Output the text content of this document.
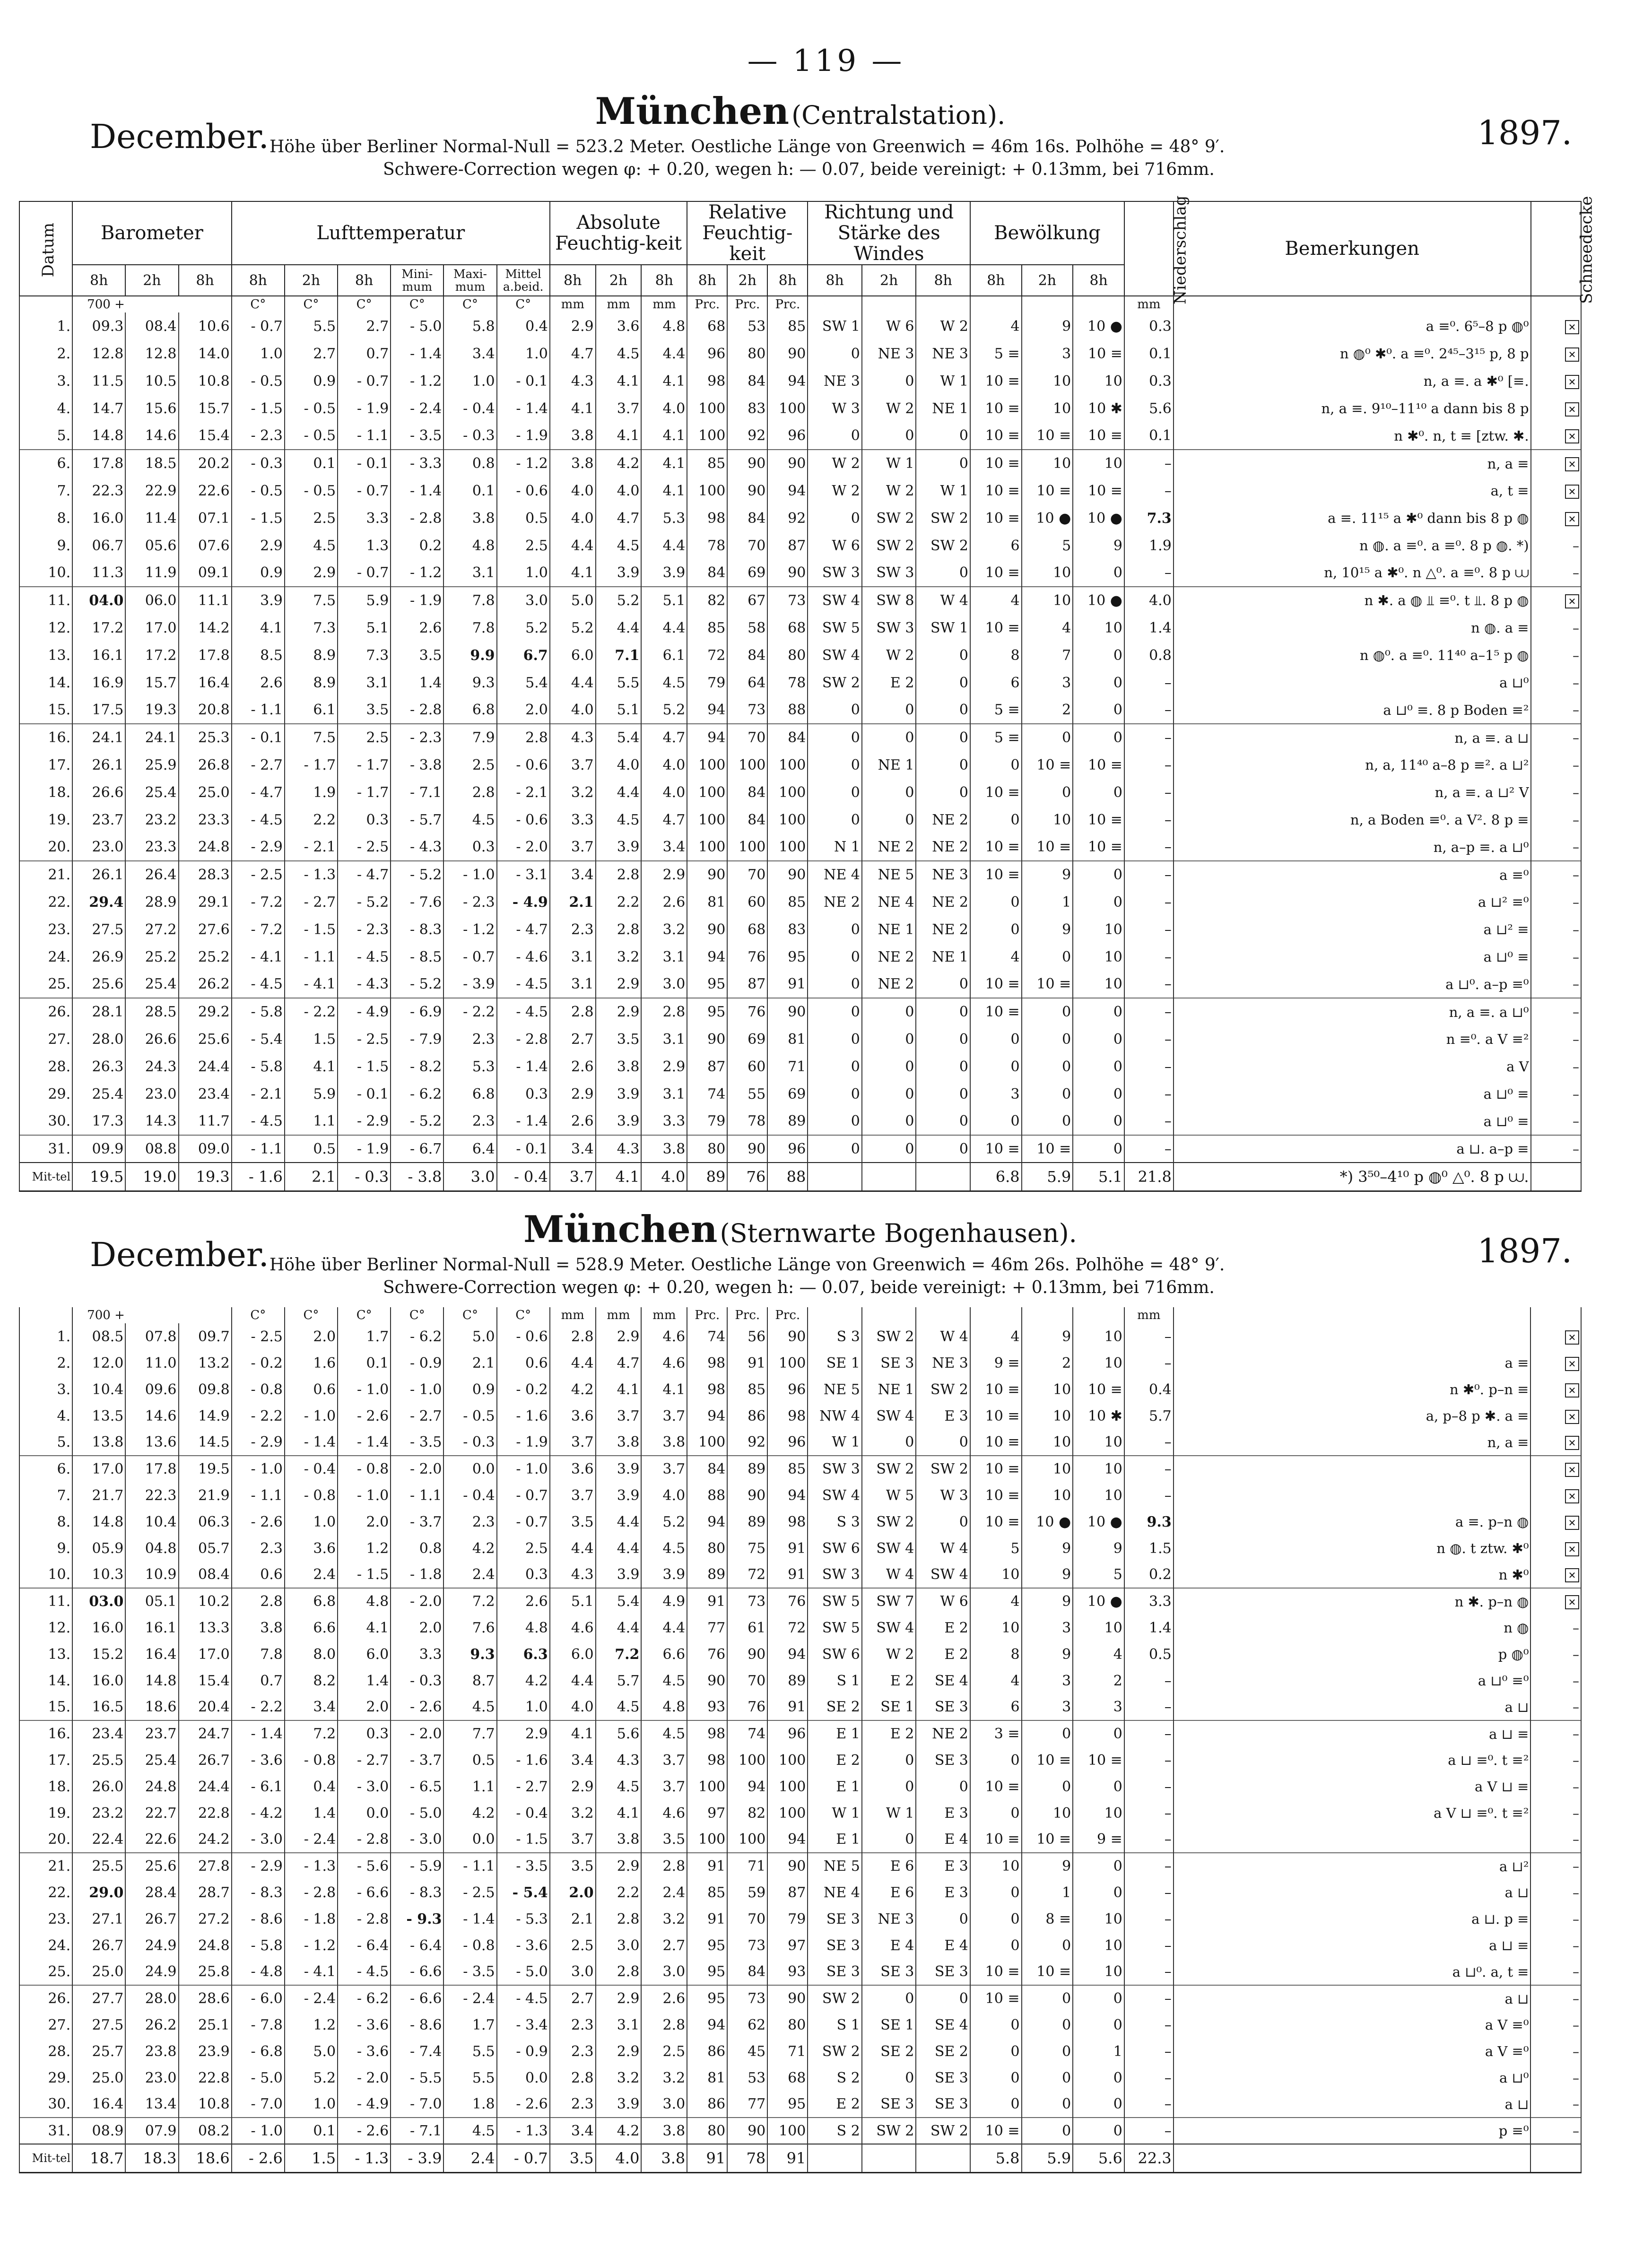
— 119 —
München (Centralstation).
December.	1897.
Höhe über Berliner Normal-Null = 523.2 Meter. Oestliche Länge von Greenwich = 46m 16s. Polhöhe = 48° 9′.
Schwere-Correction wegen φ: + 0.20, wegen h: — 0.07, beide vereinigt: + 0.13mm, bei 716mm.
Datum	Barometer			Lufttemperatur						Absolute Feuchtig-keit			Relative Feuchtig-keit			Richtung und Stärke des Windes			Bewölkung			Niederschlag	Bemerkungen	Schneedecke
	8h	2h	8h	8h	2h	8h	Mini-mum	Maxi-mum	Mittel a.beid.	8h	2h	8h	8h	2h	8h	8h	2h	8h	8h	2h	8h			
	700 +			C°	C°	C°	C°	C°	C°	mm	mm	mm	Prc.	Prc.	Prc.							mm		
1.	09.3	08.4	10.6	- 0.7	5.5	2.7	- 5.0	5.8	0.4	2.9	3.6	4.8	68	53	85	SW 1	W 6	W 2	4	9	10 ●	0.3	a ≡⁰. 6⁵–8 p ◍⁰	✕
2.	12.8	12.8	14.0	1.0	2.7	0.7	- 1.4	3.4	1.0	4.7	4.5	4.4	96	80	90	0	NE 3	NE 3	5 ≡	3	10 ≡	0.1	n ◍⁰ ✱⁰. a ≡⁰. 2⁴⁵–3¹⁵ p, 8 p	✕
3.	11.5	10.5	10.8	- 0.5	0.9	- 0.7	- 1.2	1.0	- 0.1	4.3	4.1	4.1	98	84	94	NE 3	0	W 1	10 ≡	10	10	0.3	n, a ≡. a ✱⁰ [≡.	✕
4.	14.7	15.6	15.7	- 1.5	- 0.5	- 1.9	- 2.4	- 0.4	- 1.4	4.1	3.7	4.0	100	83	100	W 3	W 2	NE 1	10 ≡	10	10 ✱	5.6	n, a ≡. 9¹⁰–11¹⁰ a dann bis 8 p	✕
5.	14.8	14.6	15.4	- 2.3	- 0.5	- 1.1	- 3.5	- 0.3	- 1.9	3.8	4.1	4.1	100	92	96	0	0	0	10 ≡	10 ≡	10 ≡	0.1	n ✱⁰. n, t ≡ [ztw. ✱.	✕
6.	17.8	18.5	20.2	- 0.3	0.1	- 0.1	- 3.3	0.8	- 1.2	3.8	4.2	4.1	85	90	90	W 2	W 1	0	10 ≡	10	10	–	n, a ≡	✕
7.	22.3	22.9	22.6	- 0.5	- 0.5	- 0.7	- 1.4	0.1	- 0.6	4.0	4.0	4.1	100	90	94	W 2	W 2	W 1	10 ≡	10 ≡	10 ≡	–	a, t ≡	✕
8.	16.0	11.4	07.1	- 1.5	2.5	3.3	- 2.8	3.8	0.5	4.0	4.7	5.3	98	84	92	0	SW 2	SW 2	10 ≡	10 ●	10 ●	7.3	a ≡. 11¹⁵ a ✱⁰ dann bis 8 p ◍	✕
9.	06.7	05.6	07.6	2.9	4.5	1.3	0.2	4.8	2.5	4.4	4.5	4.4	78	70	87	W 6	SW 2	SW 2	6	5	9	1.9	n ◍. a ≡⁰. a ≡⁰. 8 p ◍. *)	–
10.	11.3	11.9	09.1	0.9	2.9	- 0.7	- 1.2	3.1	1.0	4.1	3.9	3.9	84	69	90	SW 3	SW 3	0	10 ≡	10	0	–	n, 10¹⁵ a ✱⁰. n △⁰. a ≡⁰. 8 p ⩊	–
11.	04.0	06.0	11.1	3.9	7.5	5.9	- 1.9	7.8	3.0	5.0	5.2	5.1	82	67	73	SW 4	SW 8	W 4	4	10	10 ●	4.0	n ✱. a ◍ ⫫ ≡⁰. t ⫫. 8 p ◍	✕
12.	17.2	17.0	14.2	4.1	7.3	5.1	2.6	7.8	5.2	5.2	4.4	4.4	85	58	68	SW 5	SW 3	SW 1	10 ≡	4	10	1.4	n ◍. a ≡	–
13.	16.1	17.2	17.8	8.5	8.9	7.3	3.5	9.9	6.7	6.0	7.1	6.1	72	84	80	SW 4	W 2	0	8	7	0	0.8	n ◍⁰. a ≡⁰. 11⁴⁰ a–1⁵ p ◍	–
14.	16.9	15.7	16.4	2.6	8.9	3.1	1.4	9.3	5.4	4.4	5.5	4.5	79	64	78	SW 2	E 2	0	6	3	0	–	a ⊔⁰	–
15.	17.5	19.3	20.8	- 1.1	6.1	3.5	- 2.8	6.8	2.0	4.0	5.1	5.2	94	73	88	0	0	0	5 ≡	2	0	–	a ⊔⁰ ≡. 8 p Boden ≡²	–
16.	24.1	24.1	25.3	- 0.1	7.5	2.5	- 2.3	7.9	2.8	4.3	5.4	4.7	94	70	84	0	0	0	5 ≡	0	0	–	n, a ≡. a ⊔	–
17.	26.1	25.9	26.8	- 2.7	- 1.7	- 1.7	- 3.8	2.5	- 0.6	3.7	4.0	4.0	100	100	100	0	NE 1	0	0	10 ≡	10 ≡	–	n, a, 11⁴⁰ a–8 p ≡². a ⊔²	–
18.	26.6	25.4	25.0	- 4.7	1.9	- 1.7	- 7.1	2.8	- 2.1	3.2	4.4	4.0	100	84	100	0	0	0	10 ≡	0	0	–	n, a ≡. a ⊔² V	–
19.	23.7	23.2	23.3	- 4.5	2.2	0.3	- 5.7	4.5	- 0.6	3.3	4.5	4.7	100	84	100	0	0	NE 2	0	10	10 ≡	–	n, a Boden ≡⁰. a V². 8 p ≡	–
20.	23.0	23.3	24.8	- 2.9	- 2.1	- 2.5	- 4.3	0.3	- 2.0	3.7	3.9	3.4	100	100	100	N 1	NE 2	NE 2	10 ≡	10 ≡	10 ≡	–	n, a–p ≡. a ⊔⁰	–
21.	26.1	26.4	28.3	- 2.5	- 1.3	- 4.7	- 5.2	- 1.0	- 3.1	3.4	2.8	2.9	90	70	90	NE 4	NE 5	NE 3	10 ≡	9	0	–	a ≡⁰	–
22.	29.4	28.9	29.1	- 7.2	- 2.7	- 5.2	- 7.6	- 2.3	- 4.9	2.1	2.2	2.6	81	60	85	NE 2	NE 4	NE 2	0	1	0	–	a ⊔² ≡⁰	–
23.	27.5	27.2	27.6	- 7.2	- 1.5	- 2.3	- 8.3	- 1.2	- 4.7	2.3	2.8	3.2	90	68	83	0	NE 1	NE 2	0	9	10	–	a ⊔² ≡	–
24.	26.9	25.2	25.2	- 4.1	- 1.1	- 4.5	- 8.5	- 0.7	- 4.6	3.1	3.2	3.1	94	76	95	0	NE 2	NE 1	4	0	10	–	a ⊔⁰ ≡	–
25.	25.6	25.4	26.2	- 4.5	- 4.1	- 4.3	- 5.2	- 3.9	- 4.5	3.1	2.9	3.0	95	87	91	0	NE 2	0	10 ≡	10 ≡	10	–	a ⊔⁰. a–p ≡⁰	–
26.	28.1	28.5	29.2	- 5.8	- 2.2	- 4.9	- 6.9	- 2.2	- 4.5	2.8	2.9	2.8	95	76	90	0	0	0	10 ≡	0	0	–	n, a ≡. a ⊔⁰	–
27.	28.0	26.6	25.6	- 5.4	1.5	- 2.5	- 7.9	2.3	- 2.8	2.7	3.5	3.1	90	69	81	0	0	0	0	0	0	–	n ≡⁰. a V ≡²	–
28.	26.3	24.3	24.4	- 5.8	4.1	- 1.5	- 8.2	5.3	- 1.4	2.6	3.8	2.9	87	60	71	0	0	0	0	0	0	–	a V	–
29.	25.4	23.0	23.4	- 2.1	5.9	- 0.1	- 6.2	6.8	0.3	2.9	3.9	3.1	74	55	69	0	0	0	3	0	0	–	a ⊔⁰ ≡	–
30.	17.3	14.3	11.7	- 4.5	1.1	- 2.9	- 5.2	2.3	- 1.4	2.6	3.9	3.3	79	78	89	0	0	0	0	0	0	–	a ⊔⁰ ≡	–
31.	09.9	08.8	09.0	- 1.1	0.5	- 1.9	- 6.7	6.4	- 0.1	3.4	4.3	3.8	80	90	96	0	0	0	10 ≡	10 ≡	0	–	a ⊔. a–p ≡	–
Mit-tel	19.5	19.0	19.3	- 1.6	2.1	- 0.3	- 3.8	3.0	- 0.4	3.7	4.1	4.0	89	76	88				6.8	5.9	5.1	21.8	*) 3⁵⁰–4¹⁰ p ◍⁰ △⁰. 8 p ⩊.	
München (Sternwarte Bogenhausen).
December.	1897.
Höhe über Berliner Normal-Null = 528.9 Meter. Oestliche Länge von Greenwich = 46m 26s. Polhöhe = 48° 9′.
Schwere-Correction wegen φ: + 0.20, wegen h: — 0.07, beide vereinigt: + 0.13mm, bei 716mm.
	700 +			C°	C°	C°	C°	C°	C°	mm	mm	mm	Prc.	Prc.	Prc.							mm		
1.	08.5	07.8	09.7	- 2.5	2.0	1.7	- 6.2	5.0	- 0.6	2.8	2.9	4.6	74	56	90	S 3	SW 2	W 4	4	9	10	–		✕
2.	12.0	11.0	13.2	- 0.2	1.6	0.1	- 0.9	2.1	0.6	4.4	4.7	4.6	98	91	100	SE 1	SE 3	NE 3	9 ≡	2	10	–	a ≡	✕
3.	10.4	09.6	09.8	- 0.8	0.6	- 1.0	- 1.0	0.9	- 0.2	4.2	4.1	4.1	98	85	96	NE 5	NE 1	SW 2	10 ≡	10	10 ≡	0.4	n ✱⁰. p–n ≡	✕
4.	13.5	14.6	14.9	- 2.2	- 1.0	- 2.6	- 2.7	- 0.5	- 1.6	3.6	3.7	3.7	94	86	98	NW 4	SW 4	E 3	10 ≡	10	10 ✱	5.7	a, p–8 p ✱. a ≡	✕
5.	13.8	13.6	14.5	- 2.9	- 1.4	- 1.4	- 3.5	- 0.3	- 1.9	3.7	3.8	3.8	100	92	96	W 1	0	0	10 ≡	10	10	–	n, a ≡	✕
6.	17.0	17.8	19.5	- 1.0	- 0.4	- 0.8	- 2.0	0.0	- 1.0	3.6	3.9	3.7	84	89	85	SW 3	SW 2	SW 2	10 ≡	10	10	–		✕
7.	21.7	22.3	21.9	- 1.1	- 0.8	- 1.0	- 1.1	- 0.4	- 0.7	3.7	3.9	4.0	88	90	94	SW 4	W 5	W 3	10 ≡	10	10	–		✕
8.	14.8	10.4	06.3	- 2.6	1.0	2.0	- 3.7	2.3	- 0.7	3.5	4.4	5.2	94	89	98	S 3	SW 2	0	10 ≡	10 ●	10 ●	9.3	a ≡. p–n ◍	✕
9.	05.9	04.8	05.7	2.3	3.6	1.2	0.8	4.2	2.5	4.4	4.4	4.5	80	75	91	SW 6	SW 4	W 4	5	9	9	1.5	n ◍. t ztw. ✱⁰	✕
10.	10.3	10.9	08.4	0.6	2.4	- 1.5	- 1.8	2.4	0.3	4.3	3.9	3.9	89	72	91	SW 3	W 4	SW 4	10	9	5	0.2	n ✱⁰	✕
11.	03.0	05.1	10.2	2.8	6.8	4.8	- 2.0	7.2	2.6	5.1	5.4	4.9	91	73	76	SW 5	SW 7	W 6	4	9	10 ●	3.3	n ✱. p–n ◍	✕
12.	16.0	16.1	13.3	3.8	6.6	4.1	2.0	7.6	4.8	4.6	4.4	4.4	77	61	72	SW 5	SW 4	E 2	10	3	10	1.4	n ◍	–
13.	15.2	16.4	17.0	7.8	8.0	6.0	3.3	9.3	6.3	6.0	7.2	6.6	76	90	94	SW 6	W 2	E 2	8	9	4	0.5	p ◍⁰	–
14.	16.0	14.8	15.4	0.7	8.2	1.4	- 0.3	8.7	4.2	4.4	5.7	4.5	90	70	89	S 1	E 2	SE 4	4	3	2	–	a ⊔⁰ ≡⁰	–
15.	16.5	18.6	20.4	- 2.2	3.4	2.0	- 2.6	4.5	1.0	4.0	4.5	4.8	93	76	91	SE 2	SE 1	SE 3	6	3	3	–	a ⊔	–
16.	23.4	23.7	24.7	- 1.4	7.2	0.3	- 2.0	7.7	2.9	4.1	5.6	4.5	98	74	96	E 1	E 2	NE 2	3 ≡	0	0	–	a ⊔ ≡	–
17.	25.5	25.4	26.7	- 3.6	- 0.8	- 2.7	- 3.7	0.5	- 1.6	3.4	4.3	3.7	98	100	100	E 2	0	SE 3	0	10 ≡	10 ≡	–	a ⊔ ≡⁰. t ≡²	–
18.	26.0	24.8	24.4	- 6.1	0.4	- 3.0	- 6.5	1.1	- 2.7	2.9	4.5	3.7	100	94	100	E 1	0	0	10 ≡	0	0	–	a V ⊔ ≡	–
19.	23.2	22.7	22.8	- 4.2	1.4	0.0	- 5.0	4.2	- 0.4	3.2	4.1	4.6	97	82	100	W 1	W 1	E 3	0	10	10	–	a V ⊔ ≡⁰. t ≡²	–
20.	22.4	22.6	24.2	- 3.0	- 2.4	- 2.8	- 3.0	0.0	- 1.5	3.7	3.8	3.5	100	100	94	E 1	0	E 4	10 ≡	10 ≡	9 ≡	–		–
21.	25.5	25.6	27.8	- 2.9	- 1.3	- 5.6	- 5.9	- 1.1	- 3.5	3.5	2.9	2.8	91	71	90	NE 5	E 6	E 3	10	9	0	–	a ⊔²	–
22.	29.0	28.4	28.7	- 8.3	- 2.8	- 6.6	- 8.3	- 2.5	- 5.4	2.0	2.2	2.4	85	59	87	NE 4	E 6	E 3	0	1	0	–	a ⊔	–
23.	27.1	26.7	27.2	- 8.6	- 1.8	- 2.8	- 9.3	- 1.4	- 5.3	2.1	2.8	3.2	91	70	79	SE 3	NE 3	0	0	8 ≡	10	–	a ⊔. p ≡	–
24.	26.7	24.9	24.8	- 5.8	- 1.2	- 6.4	- 6.4	- 0.8	- 3.6	2.5	3.0	2.7	95	73	97	SE 3	E 4	E 4	0	0	10	–	a ⊔ ≡	–
25.	25.0	24.9	25.8	- 4.8	- 4.1	- 4.5	- 6.6	- 3.5	- 5.0	3.0	2.8	3.0	95	84	93	SE 3	SE 3	SE 3	10 ≡	10 ≡	10	–	a ⊔⁰. a, t ≡	–
26.	27.7	28.0	28.6	- 6.0	- 2.4	- 6.2	- 6.6	- 2.4	- 4.5	2.7	2.9	2.6	95	73	90	SW 2	0	0	10 ≡	0	0	–	a ⊔	–
27.	27.5	26.2	25.1	- 7.8	1.2	- 3.6	- 8.6	1.7	- 3.4	2.3	3.1	2.8	94	62	80	S 1	SE 1	SE 4	0	0	0	–	a V ≡⁰	–
28.	25.7	23.8	23.9	- 6.8	5.0	- 3.6	- 7.4	5.5	- 0.9	2.3	2.9	2.5	86	45	71	SW 2	SE 2	SE 2	0	0	1	–	a V ≡⁰	–
29.	25.0	23.0	22.8	- 5.0	5.2	- 2.0	- 5.5	5.5	0.0	2.8	3.2	3.2	81	53	68	S 2	0	SE 3	0	0	0	–	a ⊔⁰	–
30.	16.4	13.4	10.8	- 7.0	1.0	- 4.9	- 7.0	1.8	- 2.6	2.3	3.9	3.0	86	77	95	E 2	SE 3	SE 3	0	0	0	–	a ⊔	–
31.	08.9	07.9	08.2	- 1.0	0.1	- 2.6	- 7.1	4.5	- 1.3	3.4	4.2	3.8	80	90	100	S 2	SW 2	SW 2	10 ≡	0	0	–	p ≡⁰	–
Mit-tel	18.7	18.3	18.6	- 2.6	1.5	- 1.3	- 3.9	2.4	- 0.7	3.5	4.0	3.8	91	78	91				5.8	5.9	5.6	22.3		
